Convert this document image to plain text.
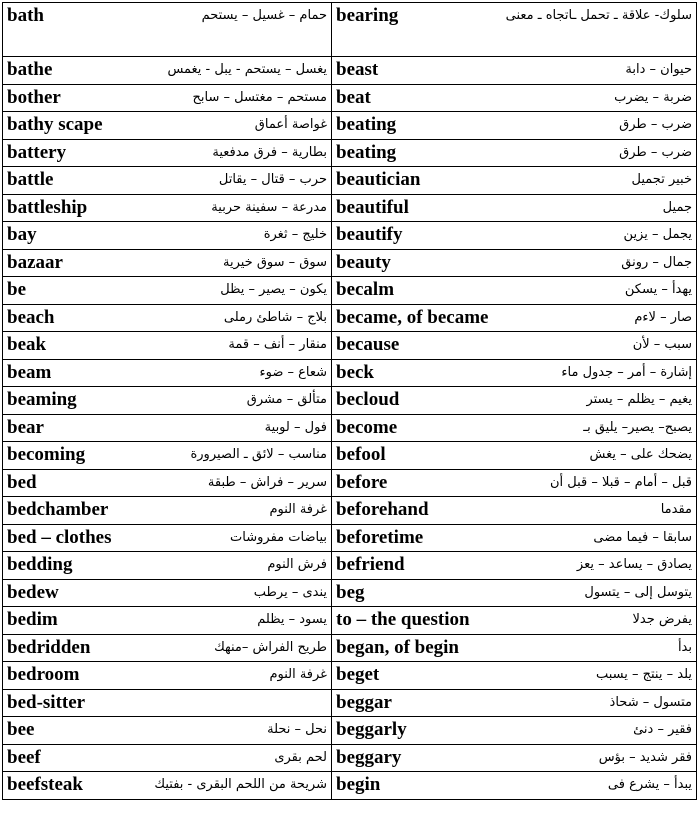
bath حمام – غسيل – يستحم	bearing سلوك- علاقة ـ تحمل ـاتجاه ـ معنى

bathe يغسل – يستحم - يبل - يغمس	beast حيوان – دابة

bother مستحم – مغتسل – سابح	beat ضربة – يضرب

bathy scape غواصة أعماق	beating ضرب – طرق

battery بطارية – فرق مدفعية	beating ضرب – طرق

battle حرب – قتال – يقاتل	beautician خبير تجميل

battleship مدرعة – سفينة حربية	beautiful جميل

bay خليج – ثغرة	beautify يجمل – يزين

bazaar سوق – سوق خيرية	beauty جمال – رونق

be يكون – يصير – يظل	becalm يهدأ – يسكن

beach بلاج – شاطئ رملى	became, of became صار – لاءم

beak منقار – أنف – قمة	because سبب – لأن

beam شعاع – ضوء	beck إشارة – أمر – جدول ماء

beaming متألق – مشرق	becloud يغيم – يظلم – يستر

bear فول – لوبية	become يصبح– يصير– يليق بـ

becoming مناسب – لائق ـ الصيرورة	befool يضحك على – يغش

bed سرير – فراش – طبقة	before قبل – أمام – قبلا – قبل أن

bedchamber غرفة النوم	beforehand مقدما

bed – clothes بياضات مفروشات	beforetime سابقا – فيما مضى

bedding فرش النوم	befriend يصادق – يساعد – يعز

bedew يندى – يرطب	beg يتوسل إلى – يتسول

bedim يسود – يظلم	to – the question يفرض جدلا

bedridden طريح الفراش –منهك	began, of begin بدأ

bedroom غرفة النوم	beget يلد – ينتج – يسبب

bed-sitter	beggar متسول – شحاذ

bee نحل – نحلة	beggarly فقير – دنئ

beef لحم بقرى	beggary فقر شديد – بؤس

beefsteak شريحة من اللحم البقرى - بفتيك	begin يبدأ – يشرع فى
